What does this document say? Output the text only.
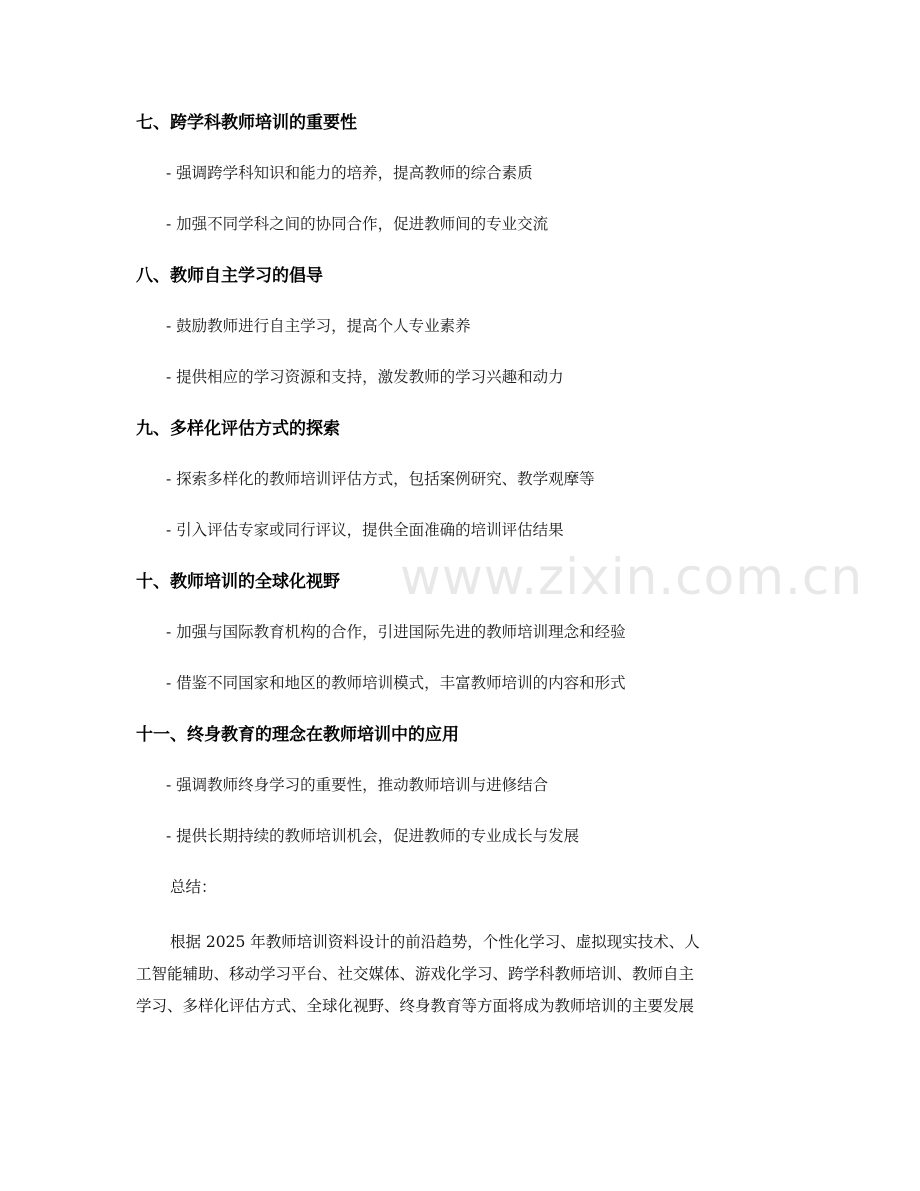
七、跨学科教师培训的重要性
- 强调跨学科知识和能力的培养，提高教师的综合素质
- 加强不同学科之间的协同合作，促进教师间的专业交流
八、教师自主学习的倡导
- 鼓励教师进行自主学习，提高个人专业素养
- 提供相应的学习资源和支持，激发教师的学习兴趣和动力
九、多样化评估方式的探索
- 探索多样化的教师培训评估方式，包括案例研究、教学观摩等
- 引入评估专家或同行评议，提供全面准确的培训评估结果
十、教师培训的全球化视野
- 加强与国际教育机构的合作，引进国际先进的教师培训理念和经验
- 借鉴不同国家和地区的教师培训模式，丰富教师培训的内容和形式
十一、终身教育的理念在教师培训中的应用
- 强调教师终身学习的重要性，推动教师培训与进修结合
- 提供长期持续的教师培训机会，促进教师的专业成长与发展
总结：
根据 2025 年教师培训资料设计的前沿趋势，个性化学习、虚拟现实技术、人
工智能辅助、移动学习平台、社交媒体、游戏化学习、跨学科教师培训、教师自主
学习、多样化评估方式、全球化视野、终身教育等方面将成为教师培训的主要发展
www.zixin.com.cn
